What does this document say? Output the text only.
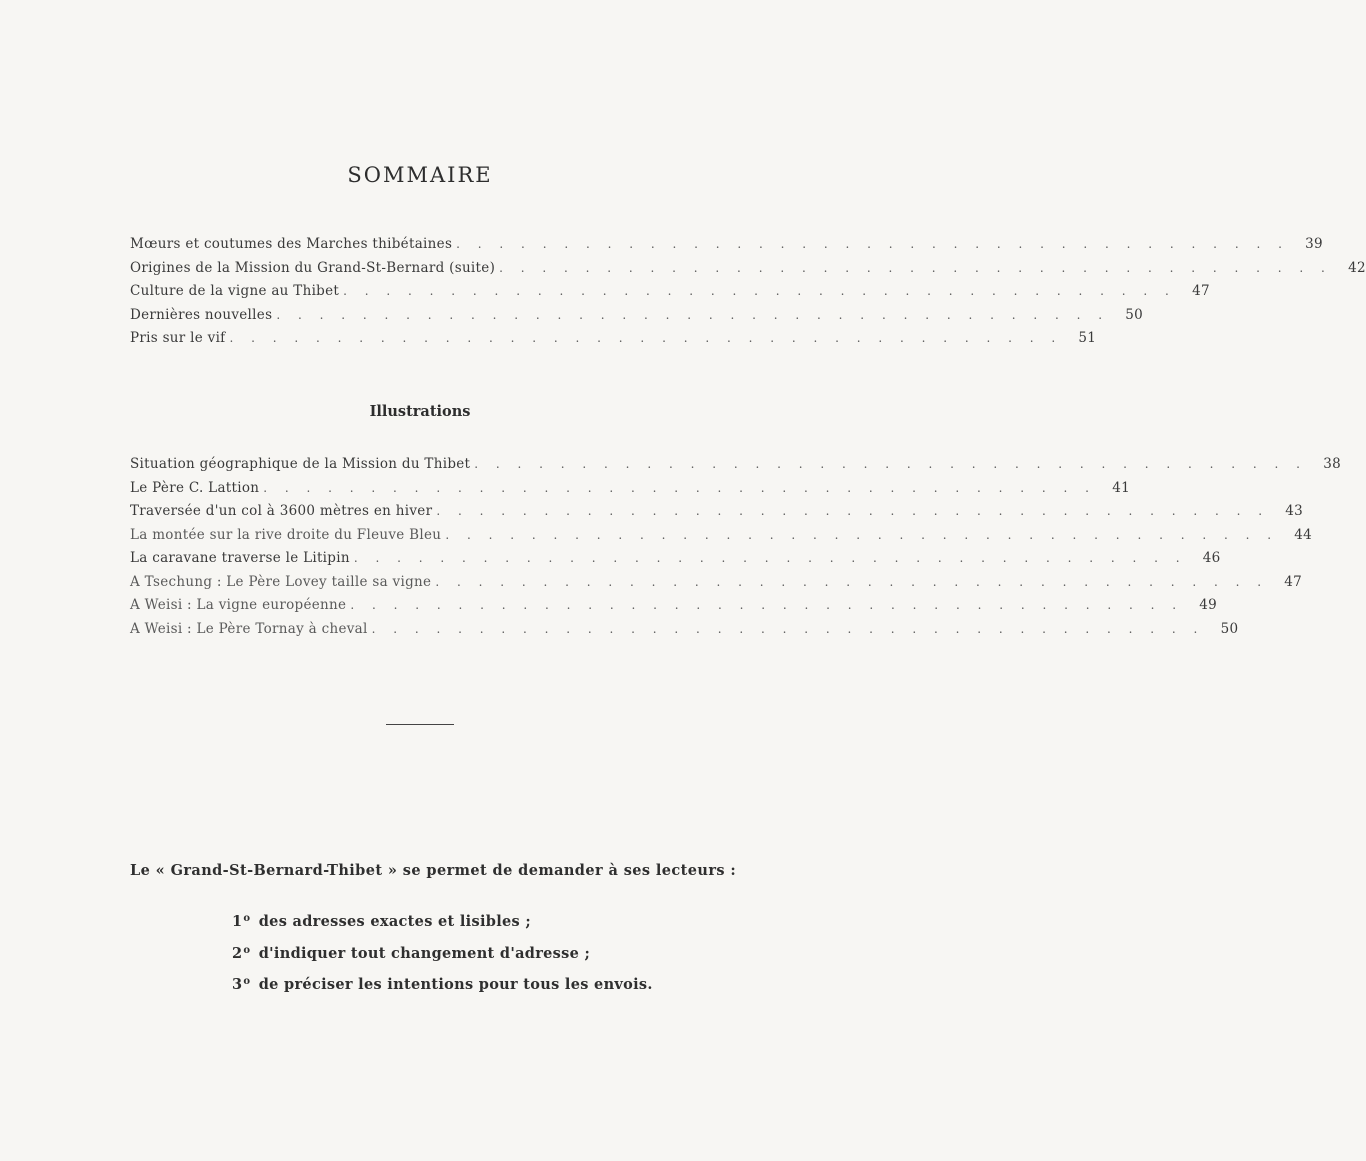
SOMMAIRE
Mœurs et coutumes des Marches thibétaines . . . . . . . . . . . . . . . . . . . . . . . . . . . . . . . . . . . . . . .	39
Origines de la Mission du Grand-St-Bernard (suite) . . . . . . . . . . . . . . . . . . . . . . . . . . . . . . . . . . . . . . .	42
Culture de la vigne au Thibet . . . . . . . . . . . . . . . . . . . . . . . . . . . . . . . . . . . . . . .	47
Dernières nouvelles . . . . . . . . . . . . . . . . . . . . . . . . . . . . . . . . . . . . . . .	50
Pris sur le vif . . . . . . . . . . . . . . . . . . . . . . . . . . . . . . . . . . . . . . .	51
Illustrations
Situation géographique de la Mission du Thibet . . . . . . . . . . . . . . . . . . . . . . . . . . . . . . . . . . . . . . .	38
Le Père C. Lattion . . . . . . . . . . . . . . . . . . . . . . . . . . . . . . . . . . . . . . .	41
Traversée d'un col à 3600 mètres en hiver . . . . . . . . . . . . . . . . . . . . . . . . . . . . . . . . . . . . . . .	43
La montée sur la rive droite du Fleuve Bleu . . . . . . . . . . . . . . . . . . . . . . . . . . . . . . . . . . . . . . .	44
La caravane traverse le Litipin . . . . . . . . . . . . . . . . . . . . . . . . . . . . . . . . . . . . . . .	46
A Tsechung : Le Père Lovey taille sa vigne . . . . . . . . . . . . . . . . . . . . . . . . . . . . . . . . . . . . . . .	47
A Weisi : La vigne européenne . . . . . . . . . . . . . . . . . . . . . . . . . . . . . . . . . . . . . . .	49
A Weisi : Le Père Tornay à cheval . . . . . . . . . . . . . . . . . . . . . . . . . . . . . . . . . . . . . . .	50
Le « Grand-St-Bernard-Thibet » se permet de demander à ses lecteurs :
1$^o$ des adresses exactes et lisibles ;
2$^o$ d'indiquer tout changement d'adresse ;
3$^o$ de préciser les intentions pour tous les envois.
